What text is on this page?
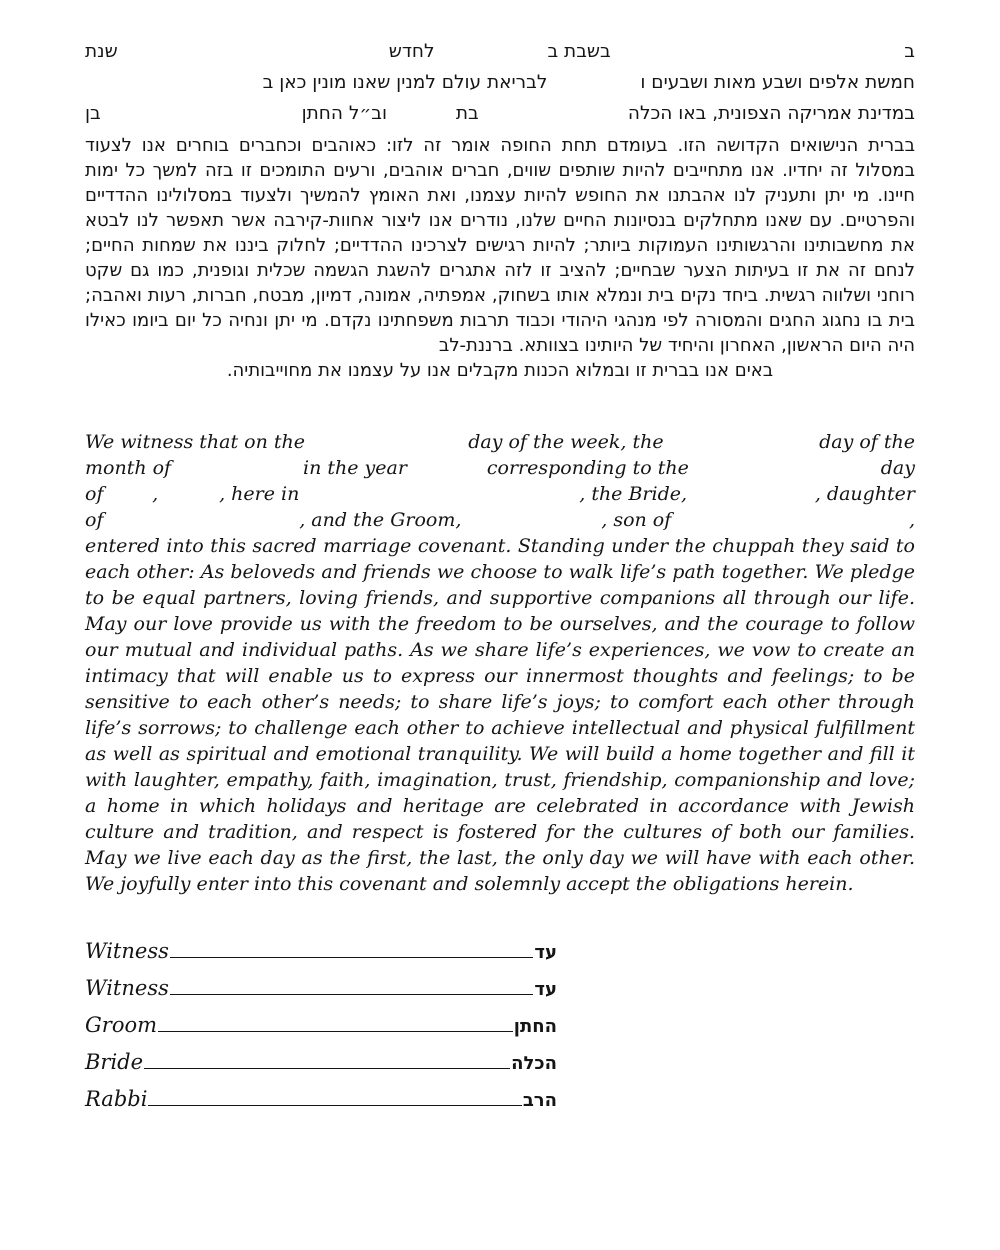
ב
בשבת ב
לחדש
שנת
חמשת אלפים ושבע מאות ושבעים ו
לבריאת עולם למנין שאנו מונין כאן ב
במדינת אמריקה הצפונית, באו הכלה
בת
וב״ל החתן
בן
בברית הנישואים הקדושה הזו. בעומדם תחת החופה אומר זה לזו: כאוהבים וכחברים בוחרים אנו לצעוד במסלול זה יחדיו. אנו מתחייבים להיות שותפים שווים, חברים אוהבים, ורעים התומכים זו בזה למשך כל ימות חיינו. מי יתן ותעניק לנו אהבתנו את החופש להיות עצמנו, ואת האומץ להמשיך ולצעוד במסלולינו ההדדיים והפרטיים. עם שאנו מתחלקים בנסיונות החיים שלנו, נודרים אנו ליצור אחוות-קירבה אשר תאפשר לנו לבטא את מחשבותינו והרגשותינו העמוקות ביותר; להיות רגישים לצרכינו ההדדיים; לחלוק ביננו את שמחות החיים; לנחם זה את זו בעיתות הצער שבחיים; להציב זו לזה אתגרים להשגת הגשמה שכלית וגופנית, כמו גם שקט רוחני ושלווה רגשית. ביחד נקים בית ונמלא אותו בשחוק, אמפתיה, אמונה, דמיון, מבטח, חברות, רעות ואהבה; בית בו נחגוג החגים והמסורה לפי מנהגי היהודי וכבוד תרבות משפחתינו נקדם. מי יתן ונחיה כל יום ביומו כאילו היה היום הראשון, האחרון והיחיד של היותינו בצוותא. ברננת-לב
באים אנו בברית זו ובמלוא הכנות מקבלים אנו על עצמנו את מחוייבותיה.
We witness that on the	day of the week, the	day of the
month of	in the year	corresponding to the	day
of	,	, here in	, the Bride,	, daughter
of	, and the Groom,	, son of	,
entered into this sacred marriage covenant. Standing under the chuppah they said to each other: As beloveds and friends we choose to walk life’s path together. We pledge to be equal partners, loving friends, and supportive companions all through our life. May our love provide us with the freedom to be ourselves, and the courage to follow our mutual and individual paths. As we share life’s experiences, we vow to create an intimacy that will enable us to express our innermost thoughts and feelings; to be sensitive to each other’s needs; to share life’s joys; to comfort each other through life’s sorrows; to challenge each other to achieve intellectual and physical fulfillment as well as spiritual and emotional tranquility. We will build a home together and fill it with laughter, empathy, faith, imagination, trust, friendship, companionship and love; a home in which holidays and heritage are celebrated in accordance with Jewish culture and tradition, and respect is fostered for the cultures of both our families. May we live each day as the first, the last, the only day we will have with each other. We joyfully enter into this covenant and solemnly accept the obligations herein.
Witness	עד
Witness	עד
Groom	החתן
Bride	הכלה
Rabbi	הרב
